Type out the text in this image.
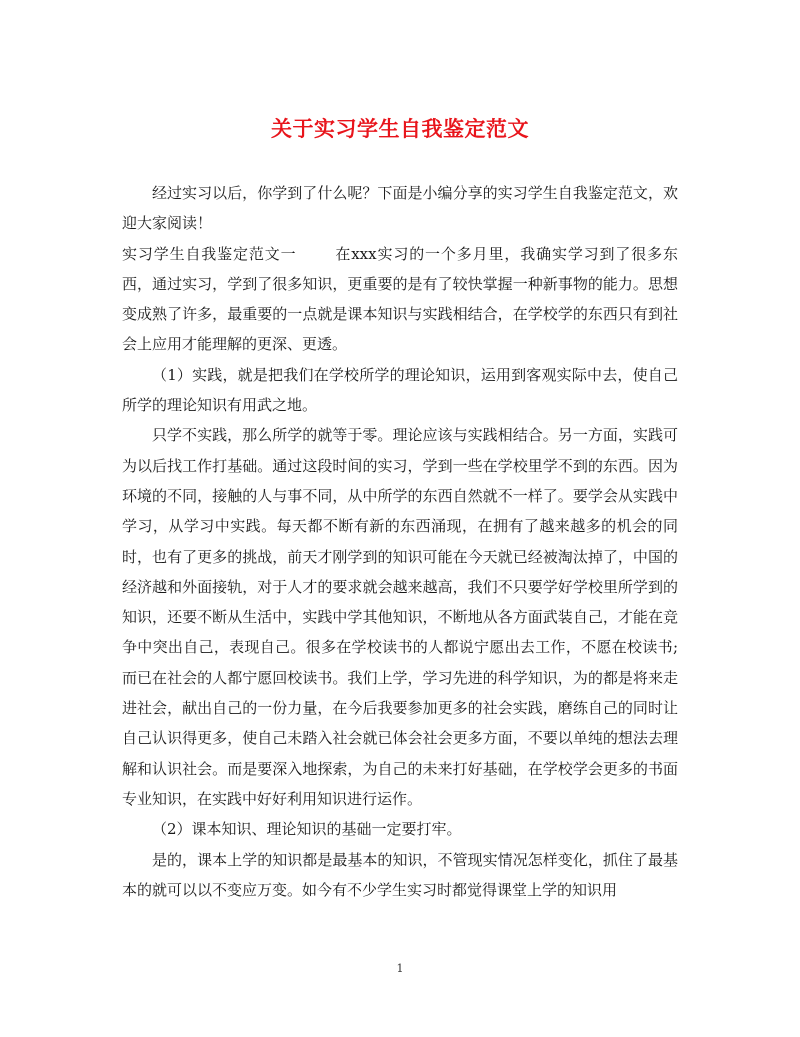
关于实习学生自我鉴定范文

经过实习以后，你学到了什么呢？下面是小编分享的实习学生自我鉴定范文，欢迎大家阅读！

实习学生自我鉴定范文一	在xxx实习的一个多月里，我确实学习到了很多东西，通过实习，学到了很多知识，更重要的是有了较快掌握一种新事物的能力。思想变成熟了许多，最重要的一点就是课本知识与实践相结合，在学校学的东西只有到社会上应用才能理解的更深、更透。

（1）实践，就是把我们在学校所学的理论知识，运用到客观实际中去，使自己所学的理论知识有用武之地。

只学不实践，那么所学的就等于零。理论应该与实践相结合。另一方面，实践可为以后找工作打基础。通过这段时间的实习，学到一些在学校里学不到的东西。因为环境的不同，接触的人与事不同，从中所学的东西自然就不一样了。要学会从实践中学习，从学习中实践。每天都不断有新的东西涌现，在拥有了越来越多的机会的同时，也有了更多的挑战，前天才刚学到的知识可能在今天就已经被淘汰掉了，中国的经济越和外面接轨，对于人才的要求就会越来越高，我们不只要学好学校里所学到的知识，还要不断从生活中，实践中学其他知识，不断地从各方面武装自己，才能在竞争中突出自己，表现自己。很多在学校读书的人都说宁愿出去工作，不愿在校读书;而已在社会的人都宁愿回校读书。我们上学，学习先进的科学知识，为的都是将来走进社会，献出自己的一份力量，在今后我要参加更多的社会实践，磨练自己的同时让自己认识得更多，使自己未踏入社会就已体会社会更多方面，不要以单纯的想法去理解和认识社会。而是要深入地探索，为自己的未来打好基础，在学校学会更多的书面专业知识，在实践中好好利用知识进行运作。

（2）课本知识、理论知识的基础一定要打牢。

是的，课本上学的知识都是最基本的知识，不管现实情况怎样变化，抓住了最基本的就可以以不变应万变。如今有不少学生实习时都觉得课堂上学的知识用

1
